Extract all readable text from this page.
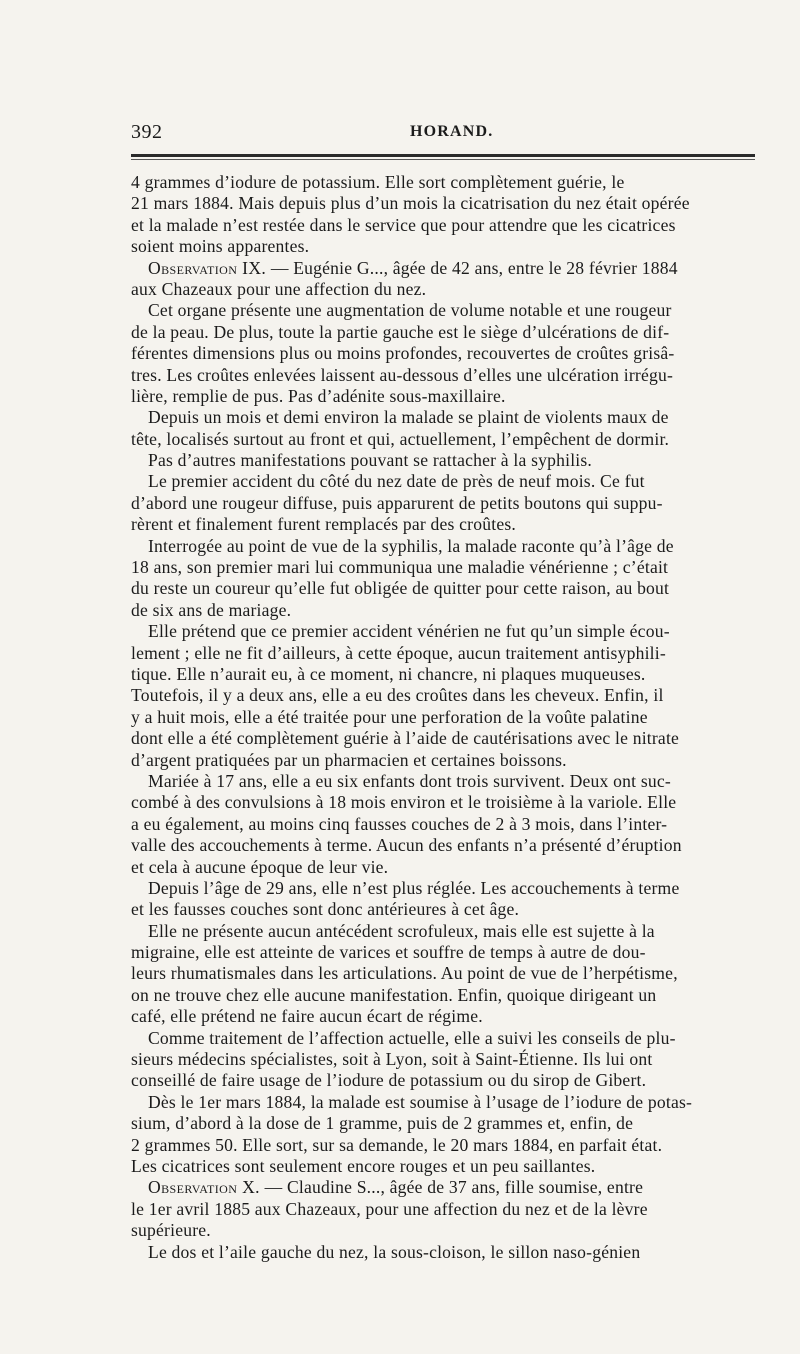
392	HORAND.
4 grammes d’iodure de potassium. Elle sort complètement guérie, le
21 mars 1884. Mais depuis plus d’un mois la cicatrisation du nez était opérée
et la malade n’est restée dans le service que pour attendre que les cicatrices
soient moins apparentes.
Observation IX. — Eugénie G..., âgée de 42 ans, entre le 28 février 1884
aux Chazeaux pour une affection du nez.
Cet organe présente une augmentation de volume notable et une rougeur
de la peau. De plus, toute la partie gauche est le siège d’ulcérations de dif-
férentes dimensions plus ou moins profondes, recouvertes de croûtes grisâ-
tres. Les croûtes enlevées laissent au-dessous d’elles une ulcération irrégu-
lière, remplie de pus. Pas d’adénite sous-maxillaire.
Depuis un mois et demi environ la malade se plaint de violents maux de
tête, localisés surtout au front et qui, actuellement, l’empêchent de dormir.
Pas d’autres manifestations pouvant se rattacher à la syphilis.
Le premier accident du côté du nez date de près de neuf mois. Ce fut
d’abord une rougeur diffuse, puis apparurent de petits boutons qui suppu-
rèrent et finalement furent remplacés par des croûtes.
Interrogée au point de vue de la syphilis, la malade raconte qu’à l’âge de
18 ans, son premier mari lui communiqua une maladie vénérienne ; c’était
du reste un coureur qu’elle fut obligée de quitter pour cette raison, au bout
de six ans de mariage.
Elle prétend que ce premier accident vénérien ne fut qu’un simple écou-
lement ; elle ne fit d’ailleurs, à cette époque, aucun traitement antisyphili-
tique. Elle n’aurait eu, à ce moment, ni chancre, ni plaques muqueuses.
Toutefois, il y a deux ans, elle a eu des croûtes dans les cheveux. Enfin, il
y a huit mois, elle a été traitée pour une perforation de la voûte palatine
dont elle a été complètement guérie à l’aide de cautérisations avec le nitrate
d’argent pratiquées par un pharmacien et certaines boissons.
Mariée à 17 ans, elle a eu six enfants dont trois survivent. Deux ont suc-
combé à des convulsions à 18 mois environ et le troisième à la variole. Elle
a eu également, au moins cinq fausses couches de 2 à 3 mois, dans l’inter-
valle des accouchements à terme. Aucun des enfants n’a présenté d’éruption
et cela à aucune époque de leur vie.
Depuis l’âge de 29 ans, elle n’est plus réglée. Les accouchements à terme
et les fausses couches sont donc antérieures à cet âge.
Elle ne présente aucun antécédent scrofuleux, mais elle est sujette à la
migraine, elle est atteinte de varices et souffre de temps à autre de dou-
leurs rhumatismales dans les articulations. Au point de vue de l’herpétisme,
on ne trouve chez elle aucune manifestation. Enfin, quoique dirigeant un
café, elle prétend ne faire aucun écart de régime.
Comme traitement de l’affection actuelle, elle a suivi les conseils de plu-
sieurs médecins spécialistes, soit à Lyon, soit à Saint-Étienne. Ils lui ont
conseillé de faire usage de l’iodure de potassium ou du sirop de Gibert.
Dès le 1er mars 1884, la malade est soumise à l’usage de l’iodure de potas-
sium, d’abord à la dose de 1 gramme, puis de 2 grammes et, enfin, de
2 grammes 50. Elle sort, sur sa demande, le 20 mars 1884, en parfait état.
Les cicatrices sont seulement encore rouges et un peu saillantes.
Observation X. — Claudine S..., âgée de 37 ans, fille soumise, entre
le 1er avril 1885 aux Chazeaux, pour une affection du nez et de la lèvre
supérieure.
Le dos et l’aile gauche du nez, la sous-cloison, le sillon naso-génien
